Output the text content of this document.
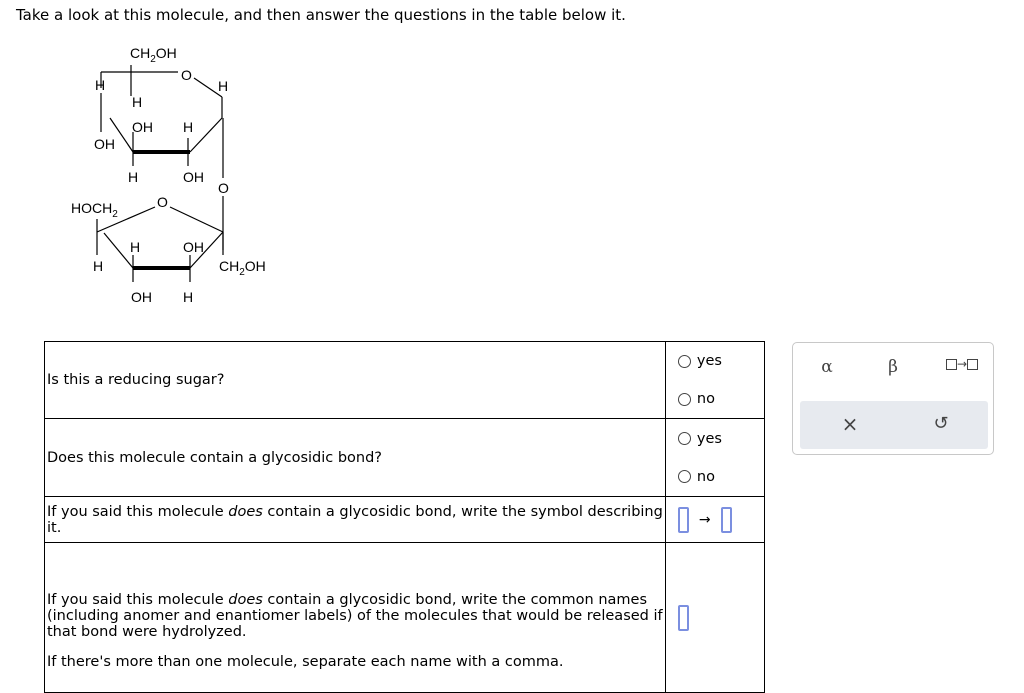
Take a look at this molecule, and then answer the questions in the table below it.
$CH_2OH$
O
H	H
H
OH H
OH
H	OH
O
O
$HOCH_2$
H	OH
H	$CH_2OH$
OH H
Is this a reducing sugar?	yes
no

Does this molecule contain a glycosidic bond?	yes
no

If you said this molecule does contain a glycosidic bond, write the symbol describing it.	→

If you said this molecule does contain a glycosidic bond, write the common names (including anomer and enantiomer labels) of the molecules that would be released if that bond were hydrolyzed.
If there's more than one molecule, separate each name with a comma.	

α	β	→
×	↺
